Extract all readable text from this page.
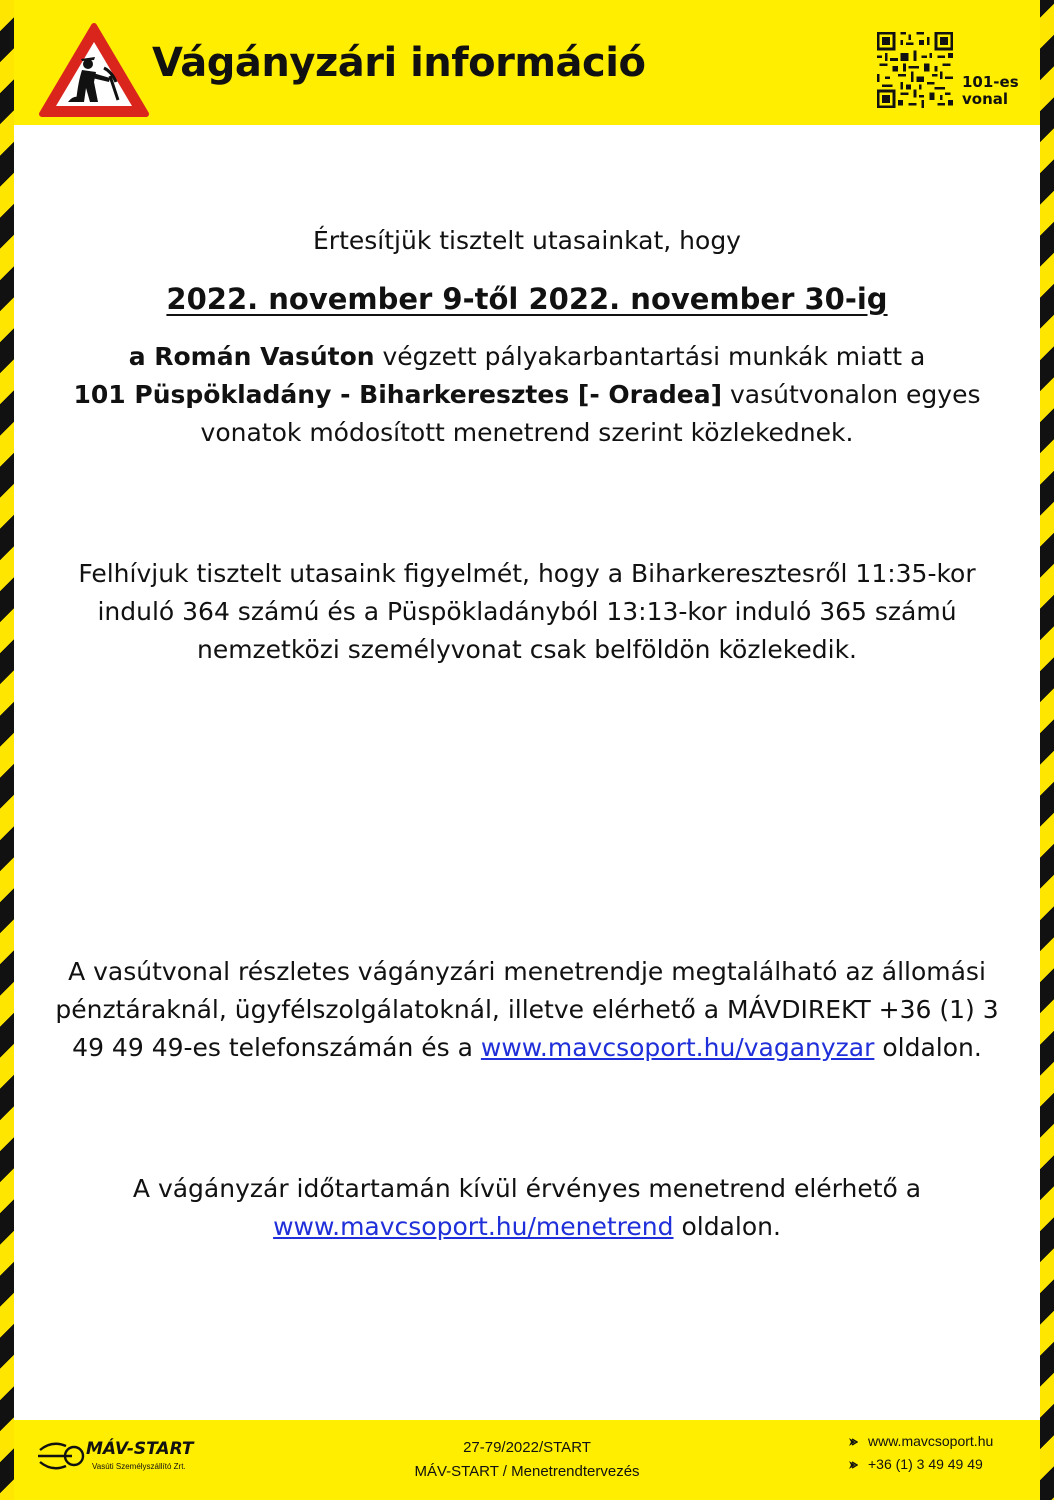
Vágányzári információ	101-es vonal
Értesítjük tisztelt utasainkat, hogy
2022. november 9-től 2022. november 30-ig
a Román Vasúton végzett pályakarbantartási munkák miatt a
101 Püspökladány - Biharkeresztes [- Oradea] vasútvonalon egyes vonatok módosított menetrend szerint közlekednek.
Felhívjuk tisztelt utasaink figyelmét, hogy a Biharkeresztesről 11:35-kor induló 364 számú és a Püspökladányból 13:13-kor induló 365 számú nemzetközi személyvonat csak belföldön közlekedik.
A vasútvonal részletes vágányzári menetrendje megtalálható az állomási pénztáraknál, ügyfélszolgálatoknál, illetve elérhető a MÁVDIREKT +36 (1) 3 49 49 49-es telefonszámán és a www.mavcsoport.hu/vaganyzar oldalon.
A vágányzár időtartamán kívül érvényes menetrend elérhető a
www.mavcsoport.hu/menetrend oldalon.
MÁV-START
Vasúti Személyszállító Zrt.
27-79/2022/START
MÁV-START / Menetrendtervezés
www.mavcsoport.hu
+36 (1) 3 49 49 49
